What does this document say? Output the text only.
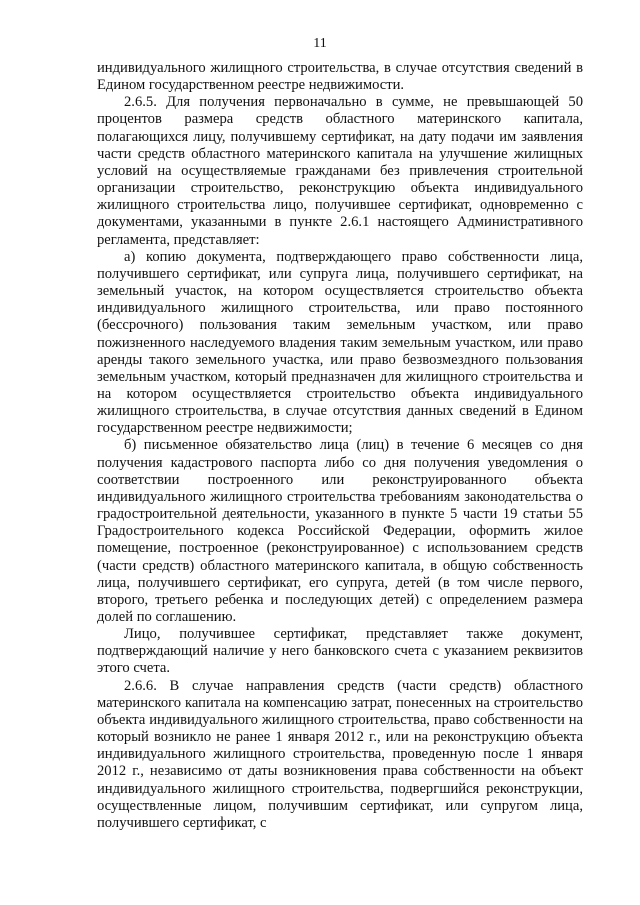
11

индивидуального жилищного строительства, в случае отсутствия сведений в Едином государственном реестре недвижимости.

2.6.5. Для получения первоначально в сумме, не превышающей 50 процентов размера средств областного материнского капитала, полагающихся лицу, получившему сертификат, на дату подачи им заявления части средств областного материнского капитала на улучшение жилищных условий на осуществляемые гражданами без привлечения строительной организации строительство, реконструкцию объекта индивидуального жилищного строительства лицо, получившее сертификат, одновременно с документами, указанными в пункте 2.6.1 настоящего Административного регламента, представляет:

а) копию документа, подтверждающего право собственности лица, получившего сертификат, или супруга лица, получившего сертификат, на земельный участок, на котором осуществляется строительство объекта индивидуального жилищного строительства, или право постоянного (бессрочного) пользования таким земельным участком, или право пожизненного наследуемого владения таким земельным участком, или право аренды такого земельного участка, или право безвозмездного пользования земельным участком, который предназначен для жилищного строительства и на котором осуществляется строительство объекта индивидуального жилищного строительства, в случае отсутствия данных сведений в Едином государственном реестре недвижимости;

б) письменное обязательство лица (лиц) в течение 6 месяцев со дня получения кадастрового паспорта либо со дня получения уведомления о соответствии построенного или реконструированного объекта индивидуального жилищного строительства требованиям законодательства о градостроительной деятельности, указанного в пункте 5 части 19 статьи 55 Градостроительного кодекса Российской Федерации, оформить жилое помещение, построенное (реконструированное) с использованием средств (части средств) областного материнского капитала, в общую собственность лица, получившего сертификат, его супруга, детей (в том числе первого, второго, третьего ребенка и последующих детей) с определением размера долей по соглашению.

Лицо, получившее сертификат, представляет также документ, подтверждающий наличие у него банковского счета с указанием реквизитов этого счета.

2.6.6. В случае направления средств (части средств) областного материнского капитала на компенсацию затрат, понесенных на строительство объекта индивидуального жилищного строительства, право собственности на который возникло не ранее 1 января 2012 г., или на реконструкцию объекта индивидуального жилищного строительства, проведенную после 1 января 2012 г., независимо от даты возникновения права собственности на объект индивидуального жилищного строительства, подвергшийся реконструкции, осуществленные лицом, получившим сертификат, или супругом лица, получившего сертификат, с
